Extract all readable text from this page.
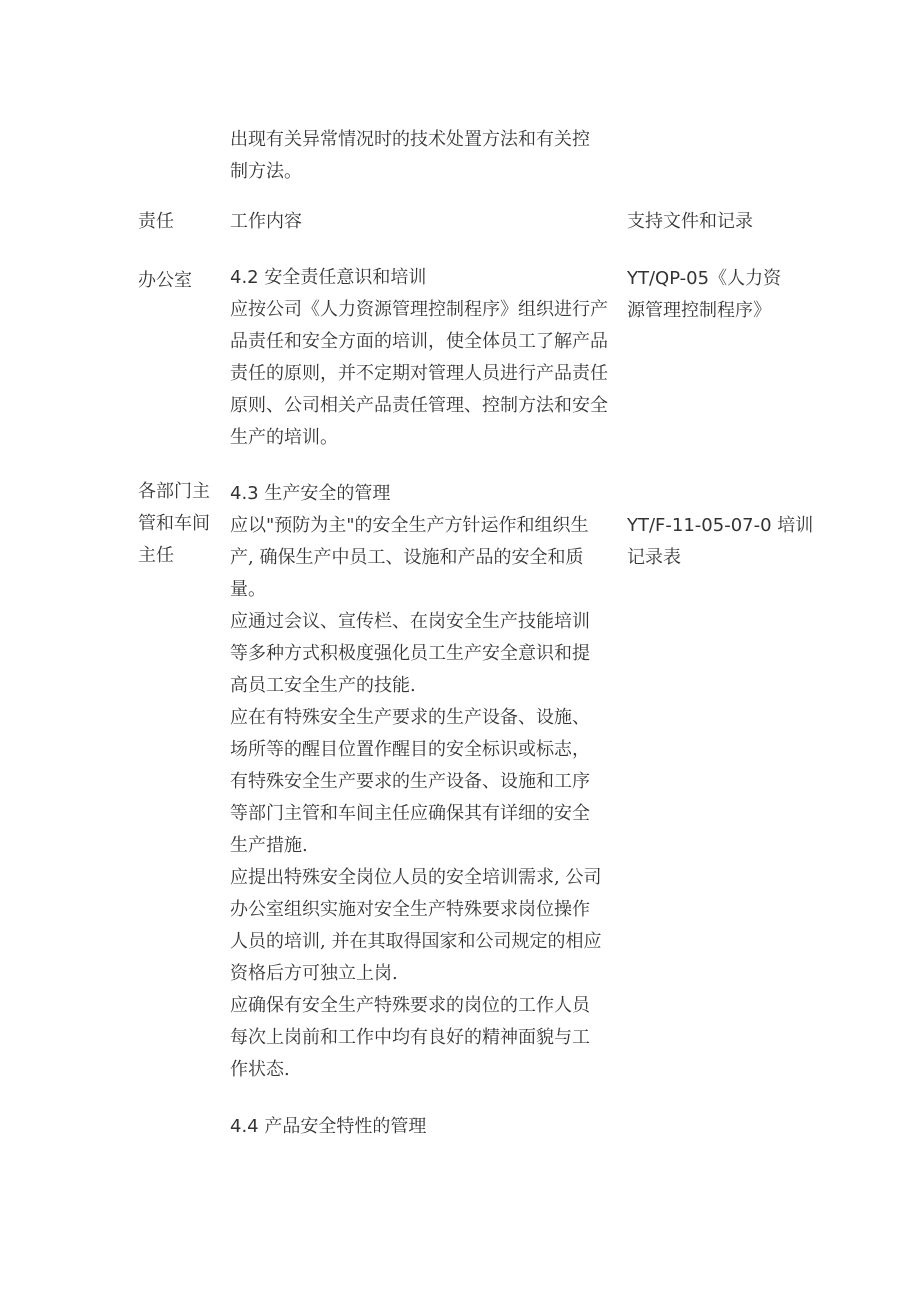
出现有关异常情况时的技术处置方法和有关控
制方法。
责任	工作内容	支持文件和记录
办公室 4.2 安全责任意识和培训
应按公司《人力资源管理控制程序》组织进行产
品责任和安全方面的培训，使全体员工了解产品
责任的原则，并不定期对管理人员进行产品责任
原则、公司相关产品责任管理、控制方法和安全
生产的培训。
YT/QP-05《人力资
源管理控制程序》
各部门主
管和车间
主任
4.3 生产安全的管理
应以"预防为主"的安全生产方针运作和组织生
产, 确保生产中员工、设施和产品的安全和质
量。
应通过会议、宣传栏、在岗安全生产技能培训
等多种方式积极度强化员工生产安全意识和提
高员工安全生产的技能.
应在有特殊安全生产要求的生产设备、设施、
场所等的醒目位置作醒目的安全标识或标志，
有特殊安全生产要求的生产设备、设施和工序
等部门主管和车间主任应确保其有详细的安全
生产措施.
应提出特殊安全岗位人员的安全培训需求, 公司
办公室组织实施对安全生产特殊要求岗位操作
人员的培训, 并在其取得国家和公司规定的相应
资格后方可独立上岗.
应确保有安全生产特殊要求的岗位的工作人员
每次上岗前和工作中均有良好的精神面貌与工
作状态.
YT/F-11-05-07-0 培训
记录表
4.4 产品安全特性的管理
